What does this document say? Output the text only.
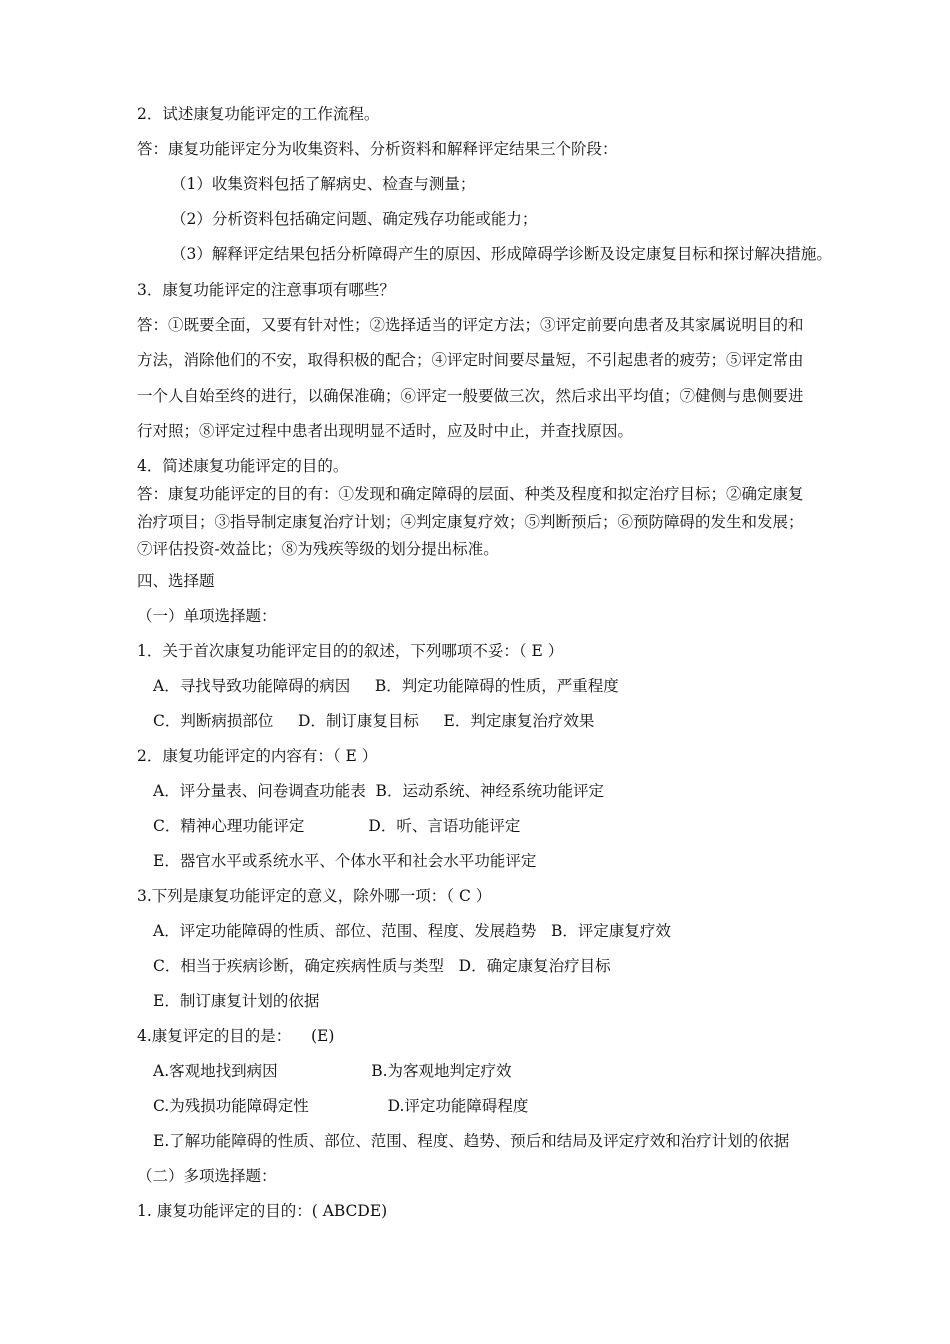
2．试述康复功能评定的工作流程。
答：康复功能评定分为收集资料、分析资料和解释评定结果三个阶段：
（1）收集资料包括了解病史、检查与测量；
（2）分析资料包括确定问题、确定残存功能或能力；
（3）解释评定结果包括分析障碍产生的原因、形成障碍学诊断及设定康复目标和探讨解决措施。
3．康复功能评定的注意事项有哪些？
答：①既要全面，又要有针对性；②选择适当的评定方法；③评定前要向患者及其家属说明目的和
方法，消除他们的不安，取得积极的配合；④评定时间要尽量短，不引起患者的疲劳；⑤评定常由
一个人自始至终的进行，以确保准确；⑥评定一般要做三次，然后求出平均值；⑦健侧与患侧要进
行对照；⑧评定过程中患者出现明显不适时，应及时中止，并查找原因。
4．简述康复功能评定的目的。
答：康复功能评定的目的有：①发现和确定障碍的层面、种类及程度和拟定治疗目标；②确定康复
治疗项目；③指导制定康复治疗计划；④判定康复疗效；⑤判断预后；⑥预防障碍的发生和发展；
⑦评估投资-效益比；⑧为残疾等级的划分提出标准。
四、选择题
（一）单项选择题：
1．关于首次康复功能评定目的的叙述，下列哪项不妥：（ E ）
A．寻找导致功能障碍的病因     B．判定功能障碍的性质，严重程度
C．判断病损部位     D．制订康复目标     E．判定康复治疗效果
2．康复功能评定的内容有：（ E ）
A．评分量表、问卷调查功能表  B．运动系统、神经系统功能评定
C．精神心理功能评定             D．听、言语功能评定
E．器官水平或系统水平、个体水平和社会水平功能评定
3.下列是康复功能评定的意义，除外哪一项：（ C ）
A．评定功能障碍的性质、部位、范围、程度、发展趋势   B．评定康复疗效
C．相当于疾病诊断，确定疾病性质与类型   D．确定康复治疗目标
E．制订康复计划的依据
4.康复评定的目的是：    (E)
A.客观地找到病因                   B.为客观地判定疗效
C.为残损功能障碍定性                D.评定功能障碍程度
E.了解功能障碍的性质、部位、范围、程度、趋势、预后和结局及评定疗效和治疗计划的依据
（二）多项选择题：
1. 康复功能评定的目的：( ABCDE)
